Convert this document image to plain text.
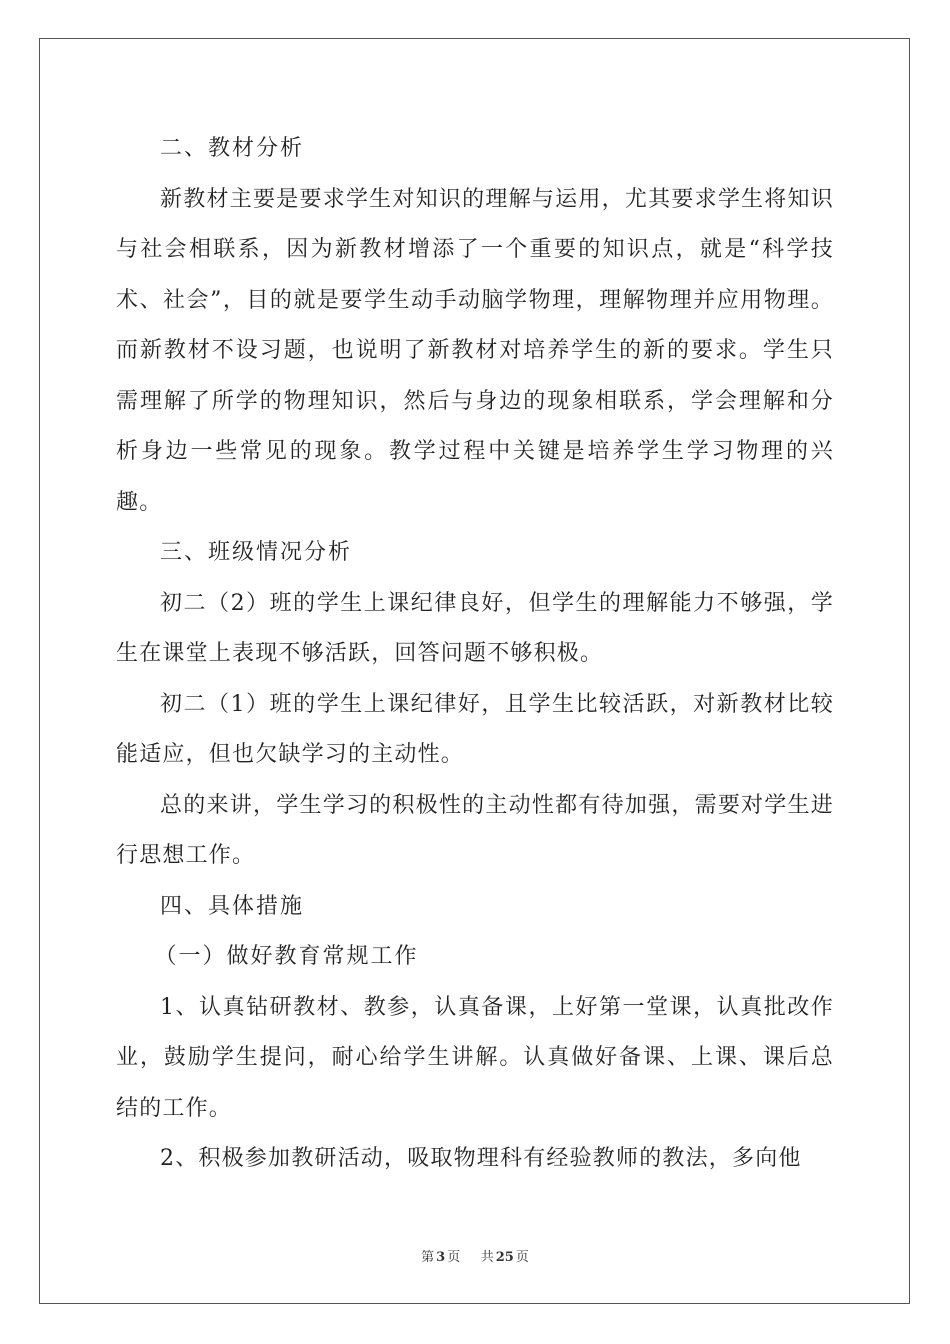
二、教材分析

新教材主要是要求学生对知识的理解与运用，尤其要求学生将知识与社会相联系，因为新教材增添了一个重要的知识点，就是“科学技术、社会”，目的就是要学生动手动脑学物理，理解物理并应用物理。而新教材不设习题，也说明了新教材对培养学生的新的要求。学生只需理解了所学的物理知识，然后与身边的现象相联系，学会理解和分析身边一些常见的现象。教学过程中关键是培养学生学习物理的兴趣。

三、班级情况分析

初二（2）班的学生上课纪律良好，但学生的理解能力不够强，学生在课堂上表现不够活跃，回答问题不够积极。

初二（1）班的学生上课纪律好，且学生比较活跃，对新教材比较能适应，但也欠缺学习的主动性。

总的来讲，学生学习的积极性的主动性都有待加强，需要对学生进行思想工作。

四、具体措施

（一）做好教育常规工作

1、认真钻研教材、教参，认真备课，上好第一堂课，认真批改作业，鼓励学生提问，耐心给学生讲解。认真做好备课、上课、课后总结的工作。

2、积极参加教研活动，吸取物理科有经验教师的教法，多向他

第 3 页 共 25 页
